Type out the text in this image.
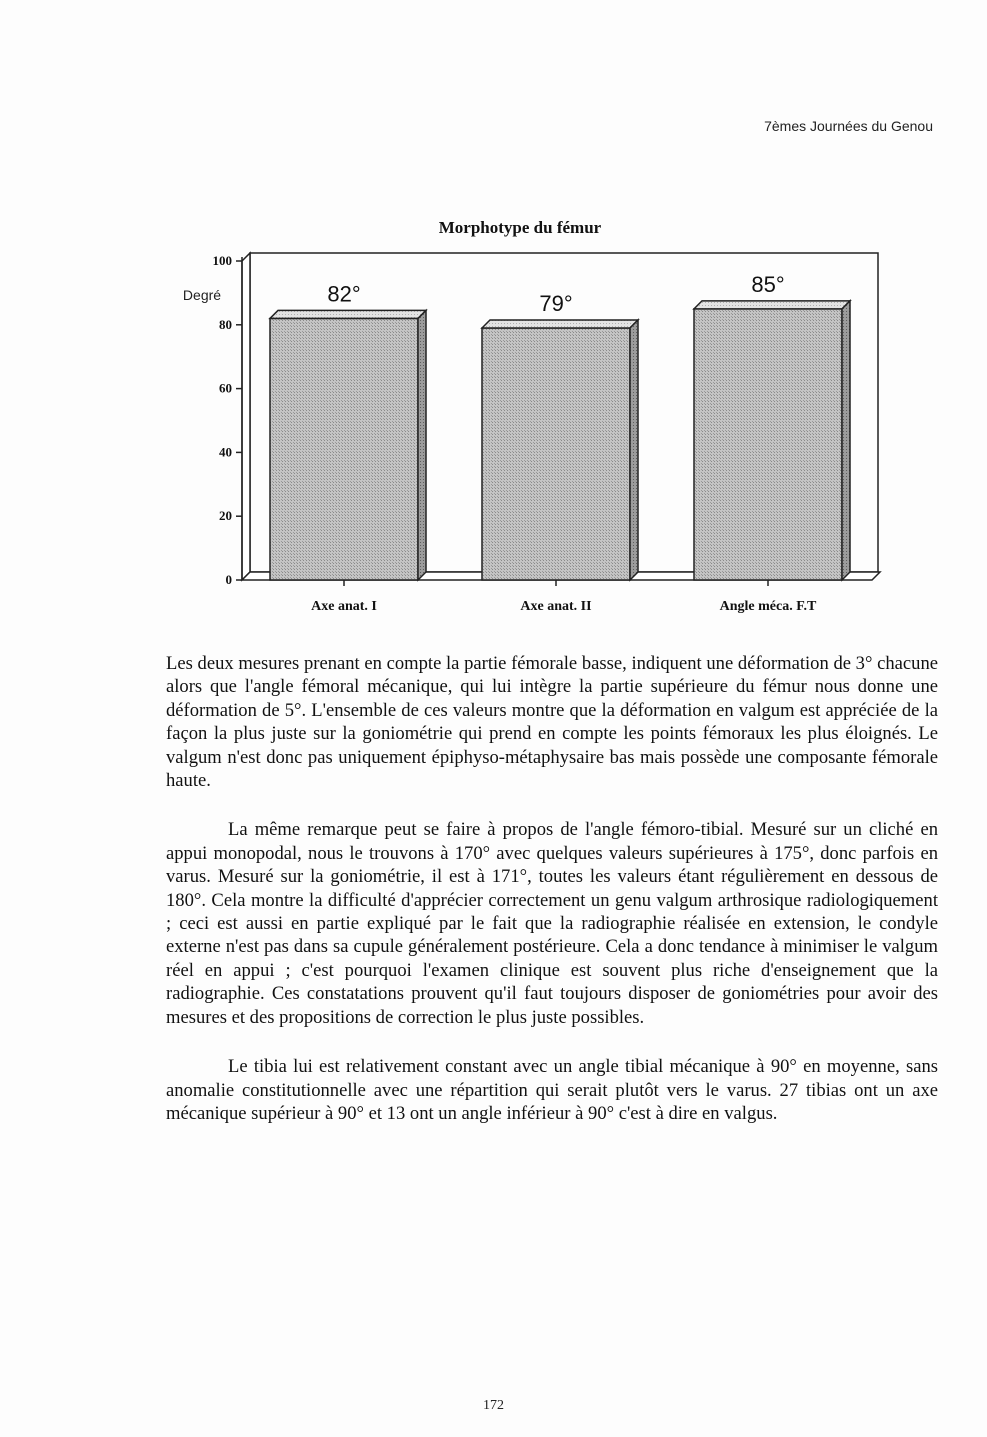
7èmes Journées du Genou
Morphotype du fémur
0
20
40
60
80
100
82°	79°
85°
Axe anat. I	Axe anat. II	Angle méca. F.T
Degré

Les deux mesures prenant en compte la partie fémorale basse, indiquent une déformation de 3° chacune alors que l'angle fémoral mécanique, qui lui intègre la partie supérieure du fémur nous donne une déformation de 5°. L'ensemble de ces valeurs montre que la déformation en valgum est appréciée de la façon la plus juste sur la goniométrie qui prend en compte les points fémoraux les plus éloignés. Le valgum n'est donc pas uniquement épiphyso-métaphysaire bas mais possède une composante fémorale haute.

La même remarque peut se faire à propos de l'angle fémoro-tibial. Mesuré sur un cliché en appui monopodal, nous le trouvons à 170° avec quelques valeurs supérieures à 175°, donc parfois en varus. Mesuré sur la goniométrie, il est à 171°, toutes les valeurs étant régulièrement en dessous de 180°. Cela montre la difficulté d'apprécier correctement un genu valgum arthrosique radiologiquement ; ceci est aussi en partie expliqué par le fait que la radiographie réalisée en extension, le condyle externe n'est pas dans sa cupule généralement postérieure. Cela a donc tendance à minimiser le valgum réel en appui ; c'est pourquoi l'examen clinique est souvent plus riche d'enseignement que la radiographie. Ces constatations prouvent qu'il faut toujours disposer de goniométries pour avoir des mesures et des propositions de correction le plus juste possibles.

Le tibia lui est relativement constant avec un angle tibial mécanique à 90° en moyenne, sans anomalie constitutionnelle avec une répartition qui serait plutôt vers le varus. 27 tibias ont un axe mécanique supérieur à 90° et 13 ont un angle inférieur à 90° c'est à dire en valgus.

172
